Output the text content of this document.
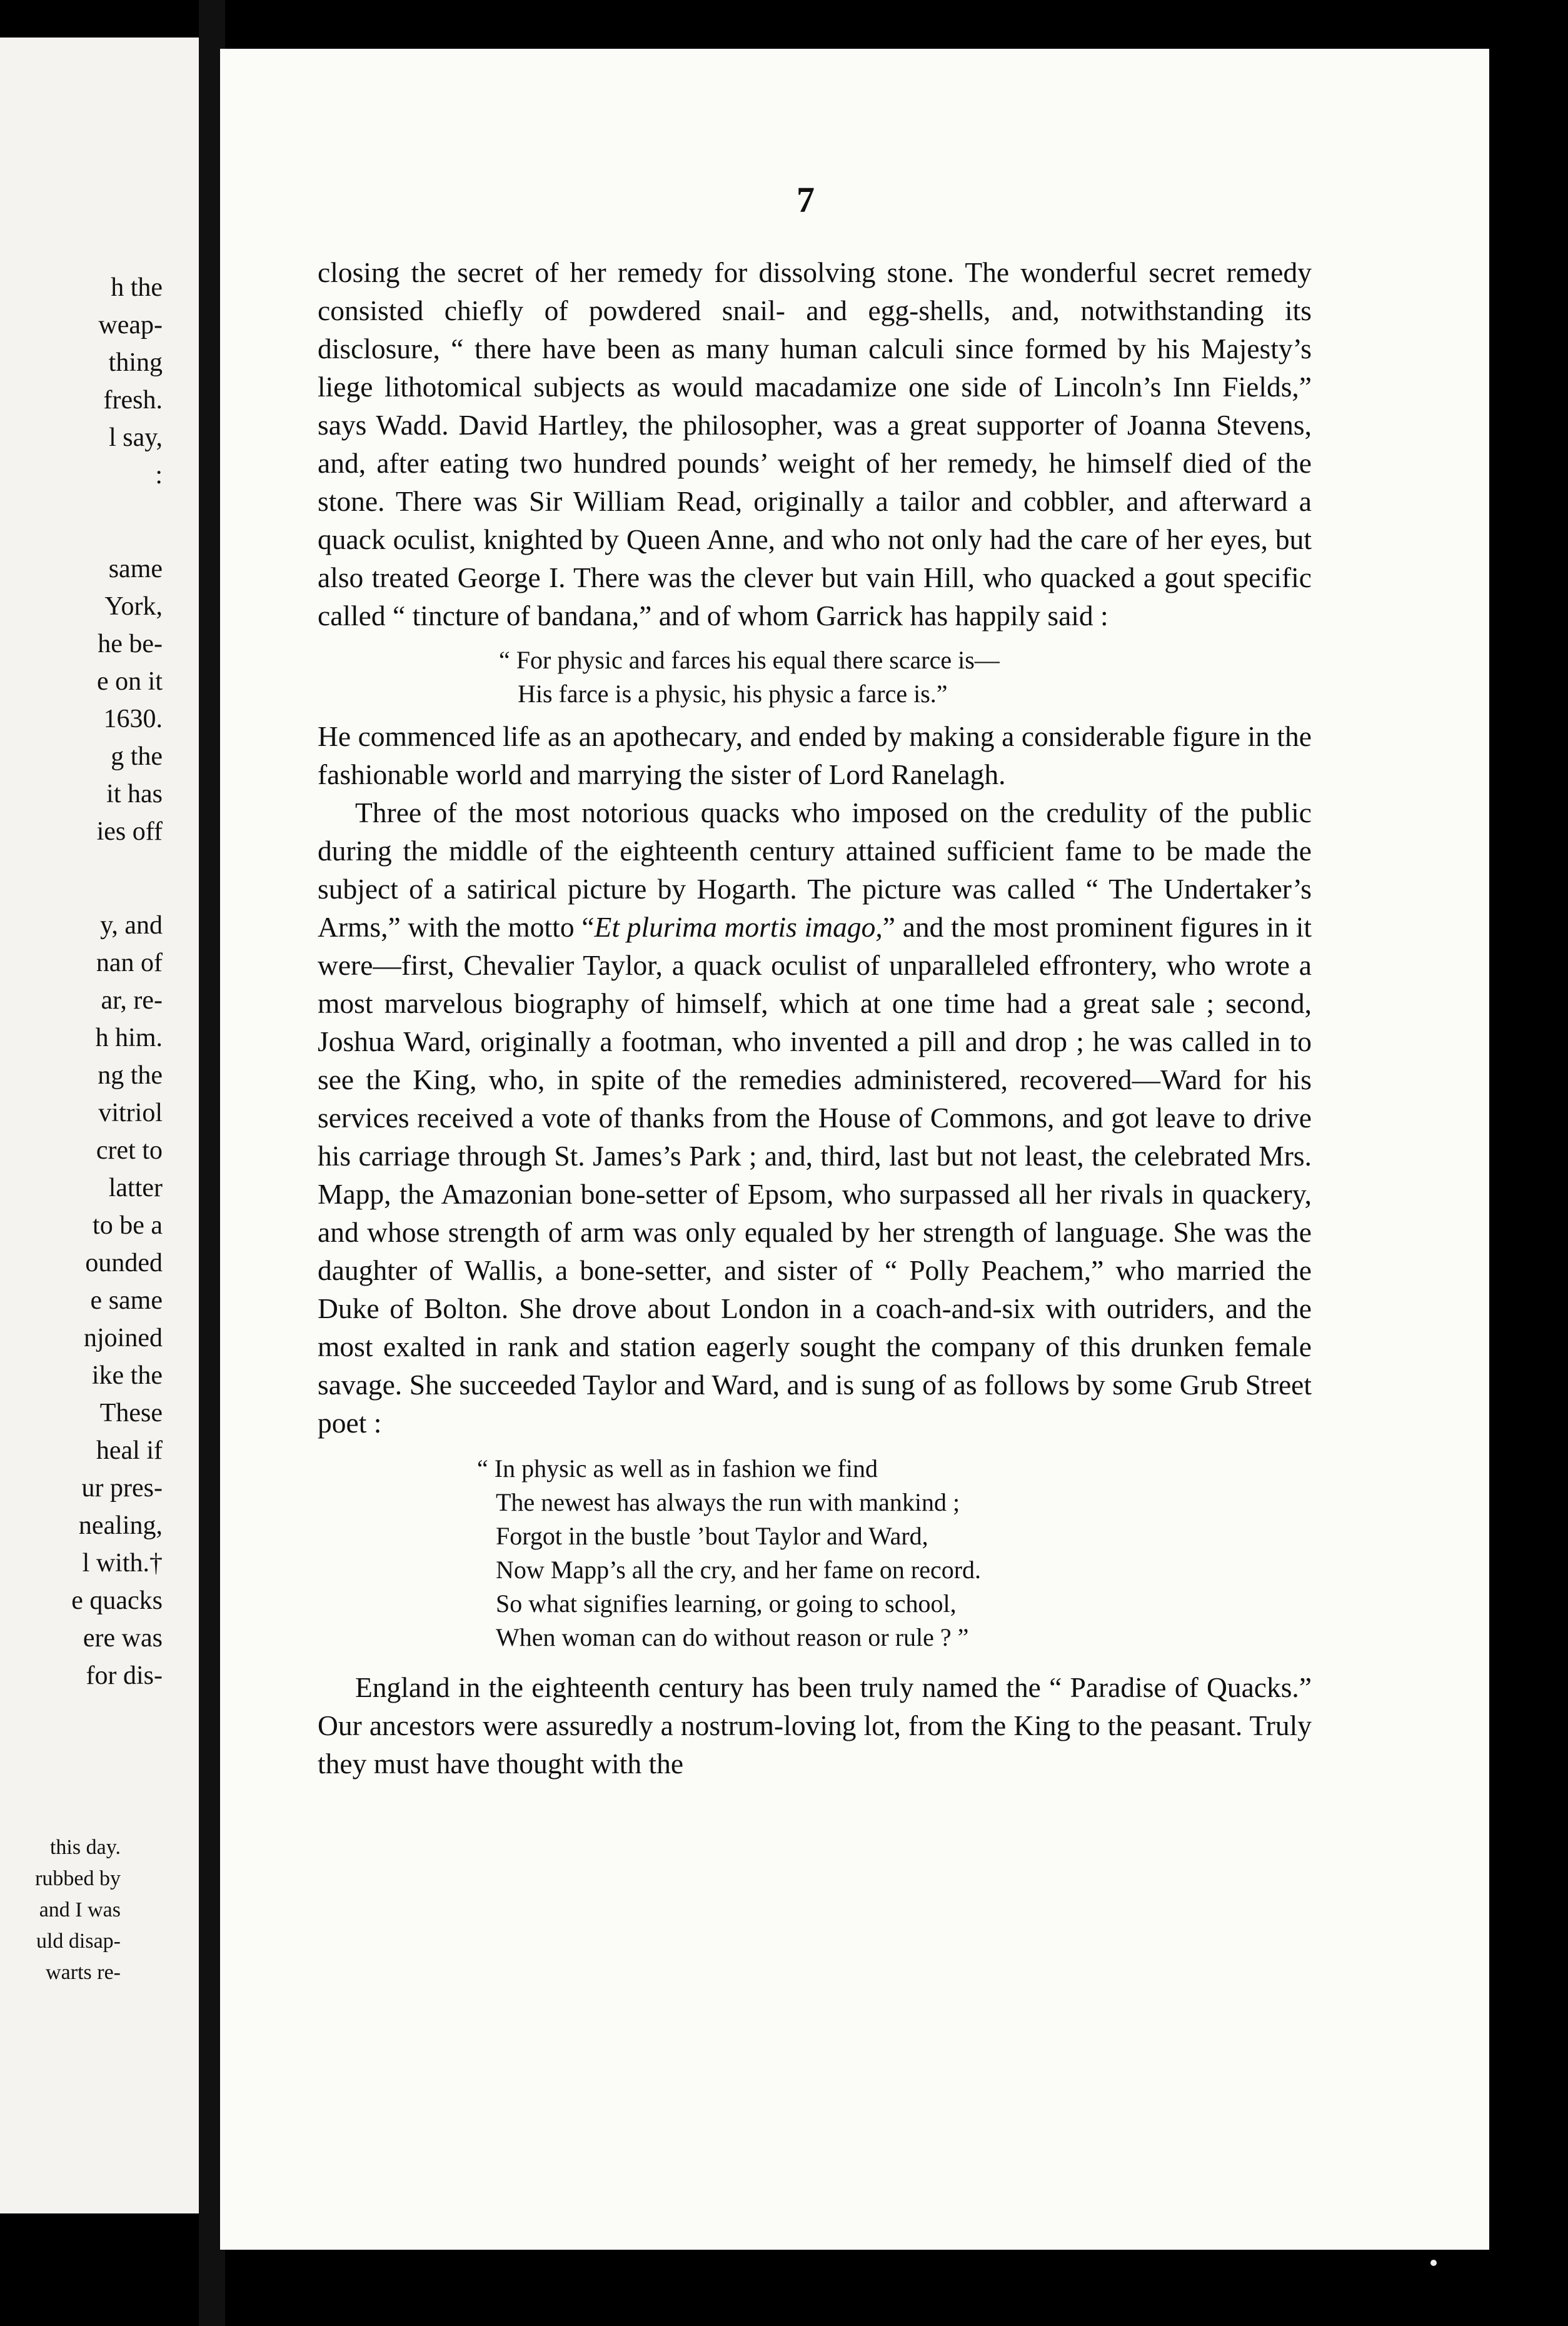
h the
weap-
thing
fresh.
l say,
:
same
York,
he be-
e on it
1630.
g the
it has
ies off
y, and
nan of
ar, re-
h him.
ng the
vitriol
cret to
latter
to be a
ounded
e same
njoined
ike the
These
heal if
ur pres-
nealing,
l with.†
e quacks
ere was
for dis-
this day.
rubbed by
and I was
uld disap-
warts re-
7

closing the secret of her remedy for dissolving stone. The wonderful secret remedy consisted chiefly of powdered snail- and egg-shells, and, notwithstanding its disclosure, “ there have been as many human calculi since formed by his Majesty’s liege lithotomical subjects as would macadamize one side of Lincoln’s Inn Fields,” says Wadd. David Hartley, the philosopher, was a great supporter of Joanna Stevens, and, after eating two hundred pounds’ weight of her remedy, he himself died of the stone. There was Sir William Read, originally a tailor and cobbler, and afterward a quack oculist, knighted by Queen Anne, and who not only had the care of her eyes, but also treated George I. There was the clever but vain Hill, who quacked a gout specific called “ tincture of bandana,” and of whom Garrick has happily said :

“ For physic and farces his equal there scarce is—
His farce is a physic, his physic a farce is.”

He commenced life as an apothecary, and ended by making a considerable figure in the fashionable world and marrying the sister of Lord Ranelagh.

Three of the most notorious quacks who imposed on the credulity of the public during the middle of the eighteenth century attained sufficient fame to be made the subject of a satirical picture by Hogarth. The picture was called “ The Undertaker’s Arms,” with the motto “Et plurima mortis imago,” and the most prominent figures in it were—first, Chevalier Taylor, a quack oculist of unparalleled effrontery, who wrote a most marvelous biography of himself, which at one time had a great sale ; second, Joshua Ward, originally a footman, who invented a pill and drop ; he was called in to see the King, who, in spite of the remedies administered, recovered—Ward for his services received a vote of thanks from the House of Commons, and got leave to drive his carriage through St. James’s Park ; and, third, last but not least, the celebrated Mrs. Mapp, the Amazonian bone-setter of Epsom, who surpassed all her rivals in quackery, and whose strength of arm was only equaled by her strength of language. She was the daughter of Wallis, a bone-setter, and sister of “ Polly Peachem,” who married the Duke of Bolton. She drove about London in a coach-and-six with outriders, and the most exalted in rank and station eagerly sought the company of this drunken female savage. She succeeded Taylor and Ward, and is sung of as follows by some Grub Street poet :

“ In physic as well as in fashion we find
The newest has always the run with mankind ;
Forgot in the bustle ’bout Taylor and Ward,
Now Mapp’s all the cry, and her fame on record.
So what signifies learning, or going to school,
When woman can do without reason or rule ? ”

England in the eighteenth century has been truly named the “ Paradise of Quacks.” Our ancestors were assuredly a nostrum-loving lot, from the King to the peasant. Truly they must have thought with the
